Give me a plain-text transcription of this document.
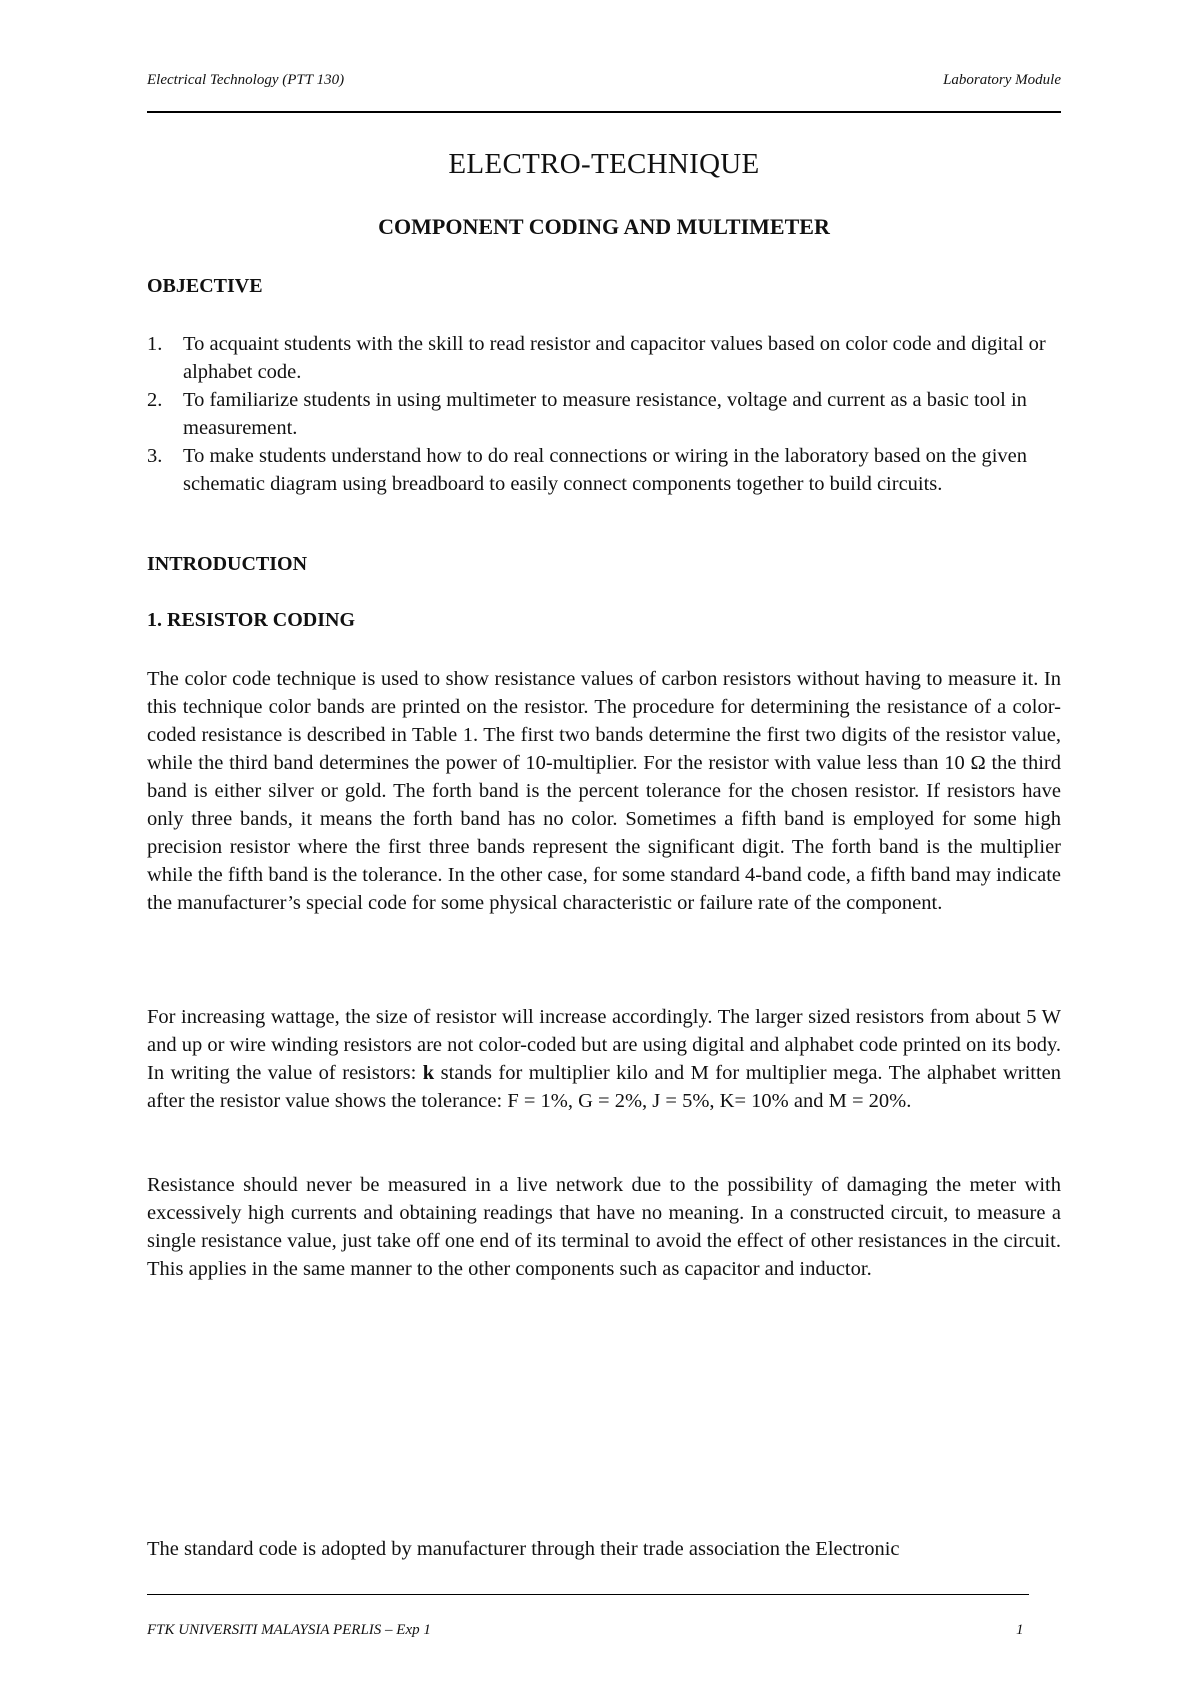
Electrical Technology (PTT 130)	Laboratory Module
ELECTRO-TECHNIQUE
COMPONENT CODING AND MULTIMETER
OBJECTIVE
1. To acquaint students with the skill to read resistor and capacitor values based on color code and digital or alphabet code.
2. To familiarize students in using multimeter to measure resistance, voltage and current as a basic tool in measurement.
3. To make students understand how to do real connections or wiring in the laboratory based on the given schematic diagram using breadboard to easily connect components together to build circuits.
INTRODUCTION
1. RESISTOR CODING

The color code technique is used to show resistance values of carbon resistors without having to measure it. In this technique color bands are printed on the resistor. The procedure for determining the resistance of a color-coded resistance is described in Table 1. The first two bands determine the first two digits of the resistor value, while the third band determines the power of 10-multiplier. For the resistor with value less than 10 Ω the third band is either silver or gold. The forth band is the percent tolerance for the chosen resistor. If resistors have only three bands, it means the forth band has no color. Sometimes a fifth band is employed for some high precision resistor where the first three bands represent the significant digit. The forth band is the multiplier while the fifth band is the tolerance. In the other case, for some standard 4-band code, a fifth band may indicate the manufacturer’s special code for some physical characteristic or failure rate of the component.

For increasing wattage, the size of resistor will increase accordingly. The larger sized resistors from about 5 W and up or wire winding resistors are not color-coded but are using digital and alphabet code printed on its body. In writing the value of resistors: k stands for multiplier kilo and M for multiplier mega. The alphabet written after the resistor value shows the tolerance: F = 1%, G = 2%, J = 5%, K= 10% and M = 20%.

Resistance should never be measured in a live network due to the possibility of damaging the meter with excessively high currents and obtaining readings that have no meaning. In a constructed circuit, to measure a single resistance value, just take off one end of its terminal to avoid the effect of other resistances in the circuit. This applies in the same manner to the other components such as capacitor and inductor.

The standard code is adopted by manufacturer through their trade association the Electronic

FTK UNIVERSITI MALAYSIA PERLIS – Exp 1	1
